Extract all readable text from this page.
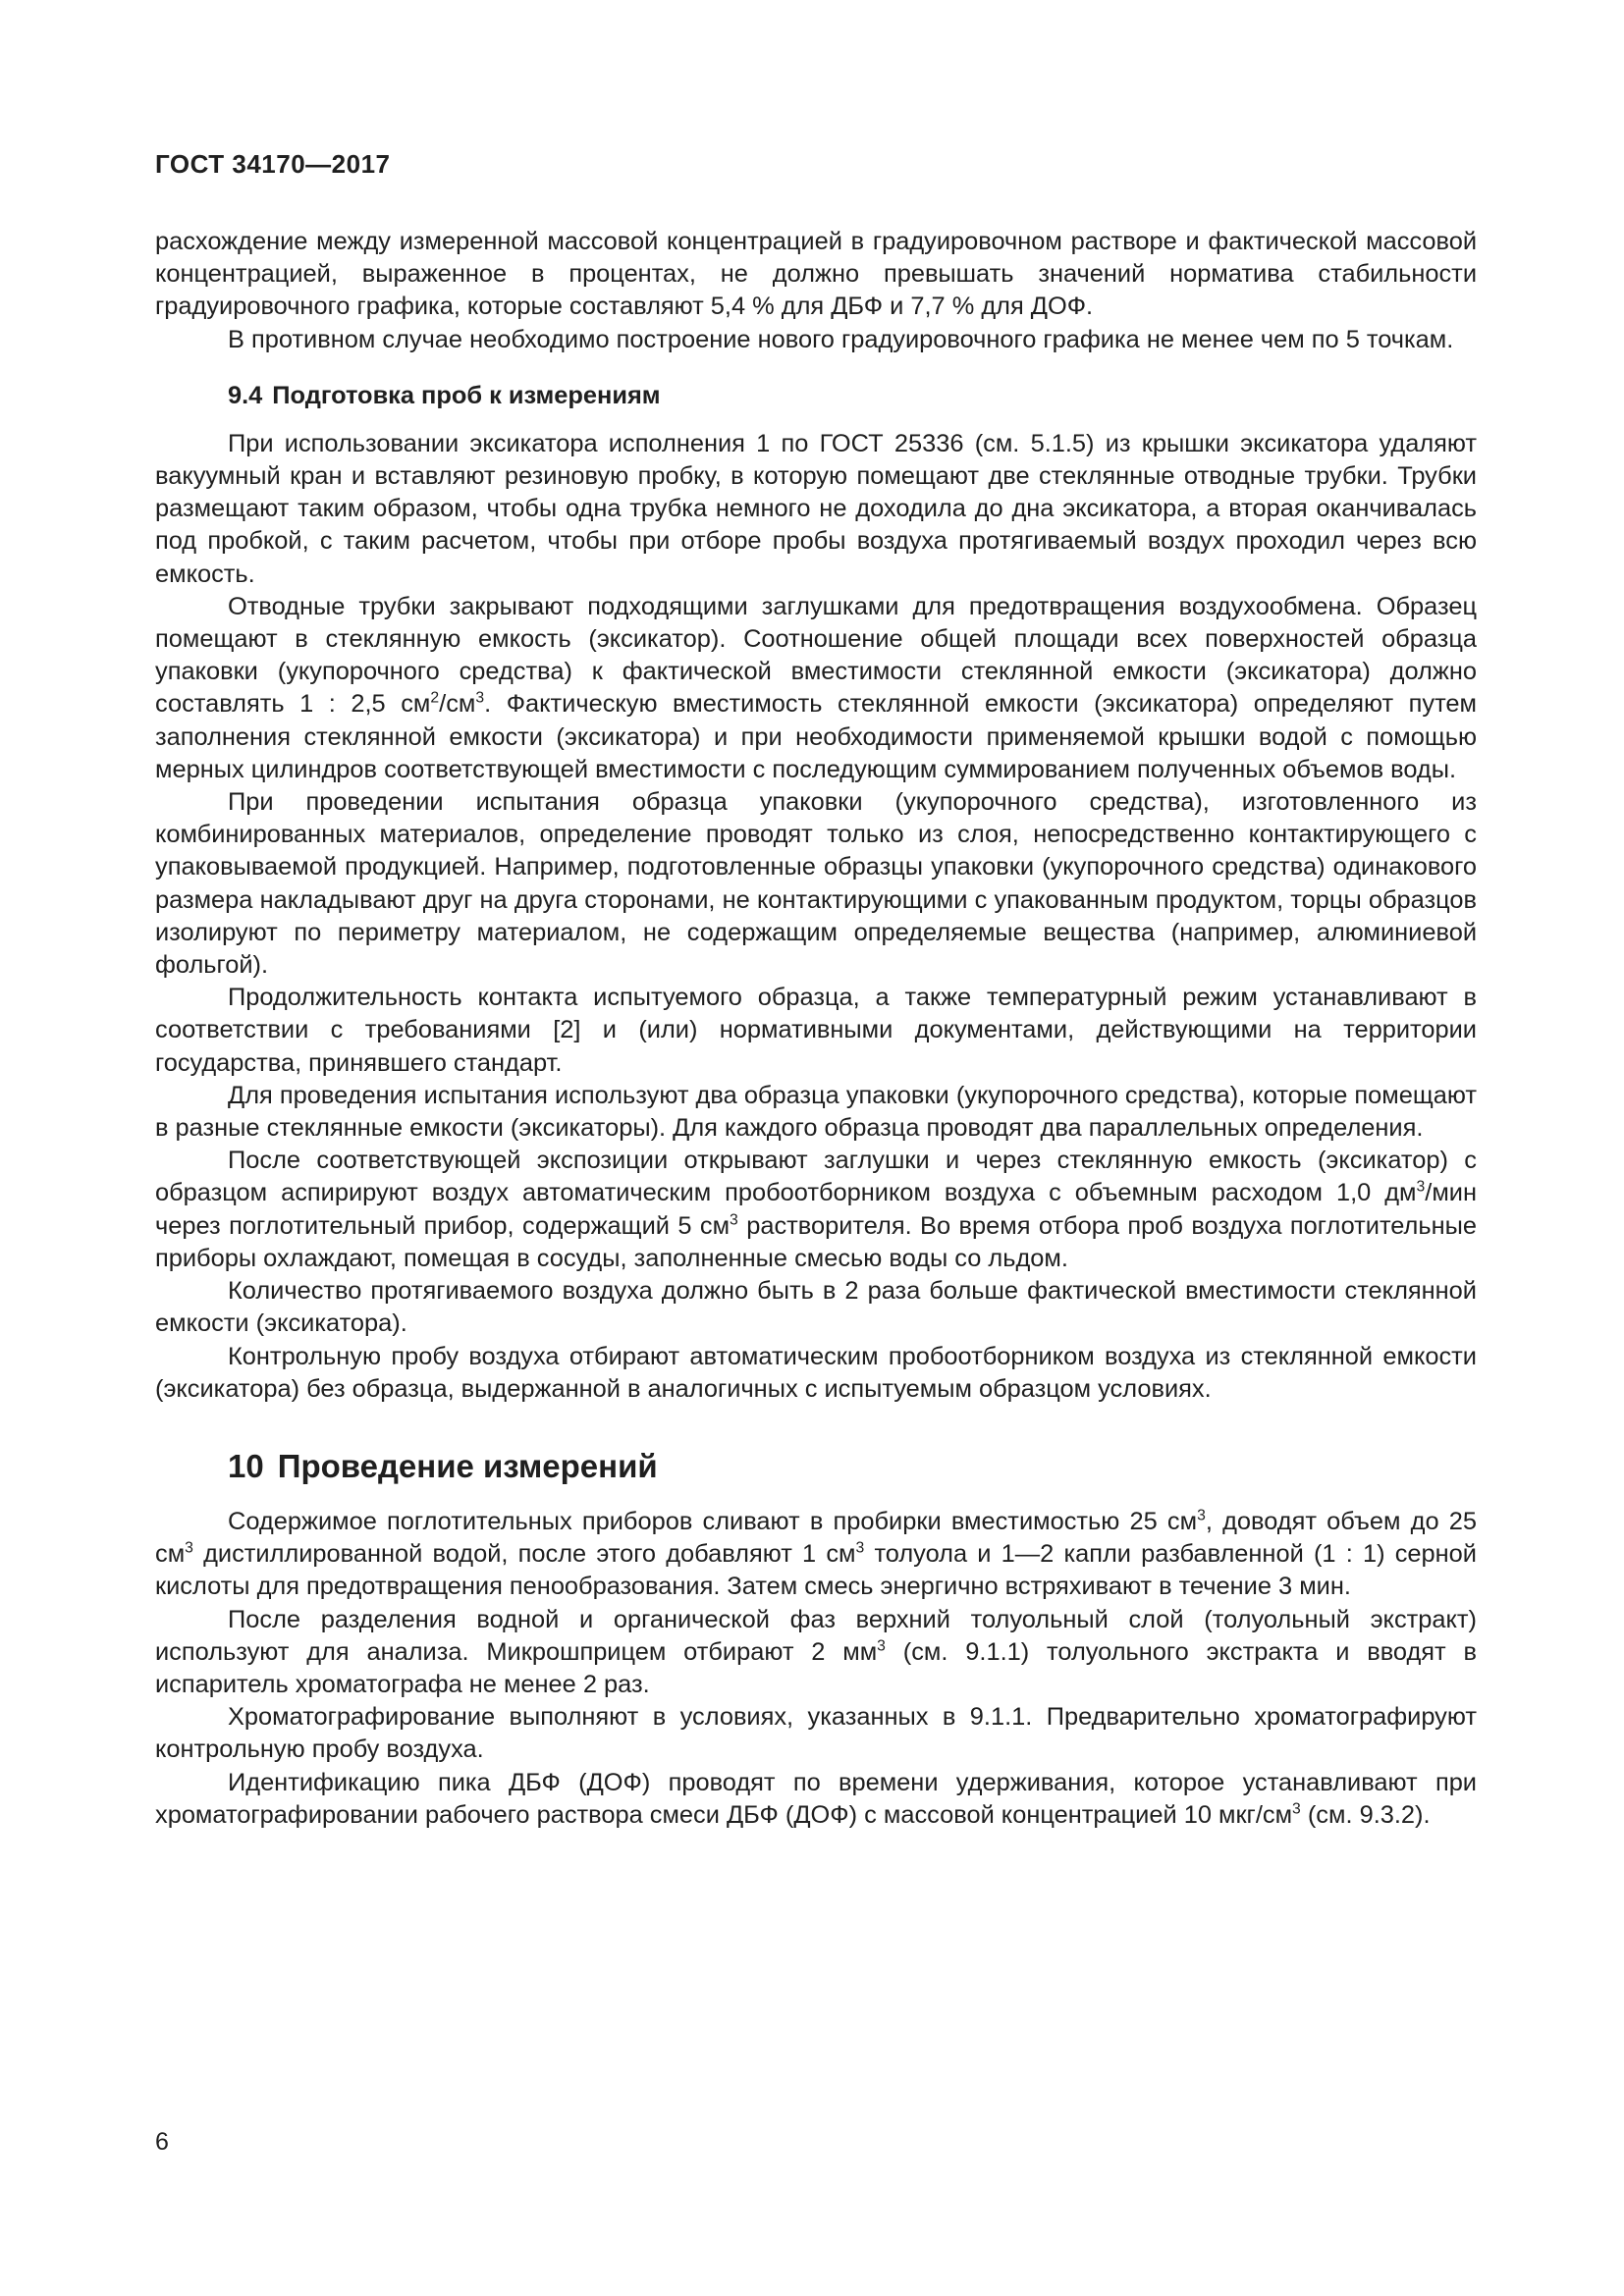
ГОСТ 34170—2017

расхождение между измеренной массовой концентрацией в градуировочном растворе и фактической массовой концентрацией, выраженное в процентах, не должно превышать значений норматива стабильности градуировочного графика, которые составляют 5,4 % для ДБФ и 7,7 % для ДОФ.

В противном случае необходимо построение нового градуировочного графика не менее чем по 5 точкам.

9.4 Подготовка проб к измерениям

При использовании эксикатора исполнения 1 по ГОСТ 25336 (см. 5.1.5) из крышки эксикатора удаляют вакуумный кран и вставляют резиновую пробку, в которую помещают две стеклянные отводные трубки. Трубки размещают таким образом, чтобы одна трубка немного не доходила до дна эксикатора, а вторая оканчивалась под пробкой, с таким расчетом, чтобы при отборе пробы воздуха протягиваемый воздух проходил через всю емкость.

Отводные трубки закрывают подходящими заглушками для предотвращения воздухообмена. Образец помещают в стеклянную емкость (эксикатор). Соотношение общей площади всех поверхностей образца упаковки (укупорочного средства) к фактической вместимости стеклянной емкости (эксикатора) должно составлять 1 : 2,5 $см^2/см^3$. Фактическую вместимость стеклянной емкости (эксикатора) определяют путем заполнения стеклянной емкости (эксикатора) и при необходимости применяемой крышки водой с помощью мерных цилиндров соответствующей вместимости с последующим суммированием полученных объемов воды.

При проведении испытания образца упаковки (укупорочного средства), изготовленного из комбинированных материалов, определение проводят только из слоя, непосредственно контактирующего с упаковываемой продукцией. Например, подготовленные образцы упаковки (укупорочного средства) одинакового размера накладывают друг на друга сторонами, не контактирующими с упакованным продуктом, торцы образцов изолируют по периметру материалом, не содержащим определяемые вещества (например, алюминиевой фольгой).

Продолжительность контакта испытуемого образца, а также температурный режим устанавливают в соответствии с требованиями [2] и (или) нормативными документами, действующими на территории государства, принявшего стандарт.

Для проведения испытания используют два образца упаковки (укупорочного средства), которые помещают в разные стеклянные емкости (эксикаторы). Для каждого образца проводят два параллельных определения.

После соответствующей экспозиции открывают заглушки и через стеклянную емкость (эксикатор) с образцом аспирируют воздух автоматическим пробоотборником воздуха с объемным расходом 1,0 $дм^3$/мин через поглотительный прибор, содержащий 5 $см^3$ растворителя. Во время отбора проб воздуха поглотительные приборы охлаждают, помещая в сосуды, заполненные смесью воды со льдом.

Количество протягиваемого воздуха должно быть в 2 раза больше фактической вместимости стеклянной емкости (эксикатора).

Контрольную пробу воздуха отбирают автоматическим пробоотборником воздуха из стеклянной емкости (эксикатора) без образца, выдержанной в аналогичных с испытуемым образцом условиях.

10 Проведение измерений

Содержимое поглотительных приборов сливают в пробирки вместимостью 25 $см^3$, доводят объем до 25 $см^3$ дистиллированной водой, после этого добавляют 1 $см^3$ толуола и 1—2 капли разбавленной (1 : 1) серной кислоты для предотвращения пенообразования. Затем смесь энергично встряхивают в течение 3 мин.

После разделения водной и органической фаз верхний толуольный слой (толуольный экстракт) используют для анализа. Микрошприцем отбирают 2 $мм^3$ (см. 9.1.1) толуольного экстракта и вводят в испаритель хроматографа не менее 2 раз.

Хроматографирование выполняют в условиях, указанных в 9.1.1. Предварительно хроматографируют контрольную пробу воздуха.

Идентификацию пика ДБФ (ДОФ) проводят по времени удерживания, которое устанавливают при хроматографировании рабочего раствора смеси ДБФ (ДОФ) с массовой концентрацией 10 мкг/$см^3$ (см. 9.3.2).

6
